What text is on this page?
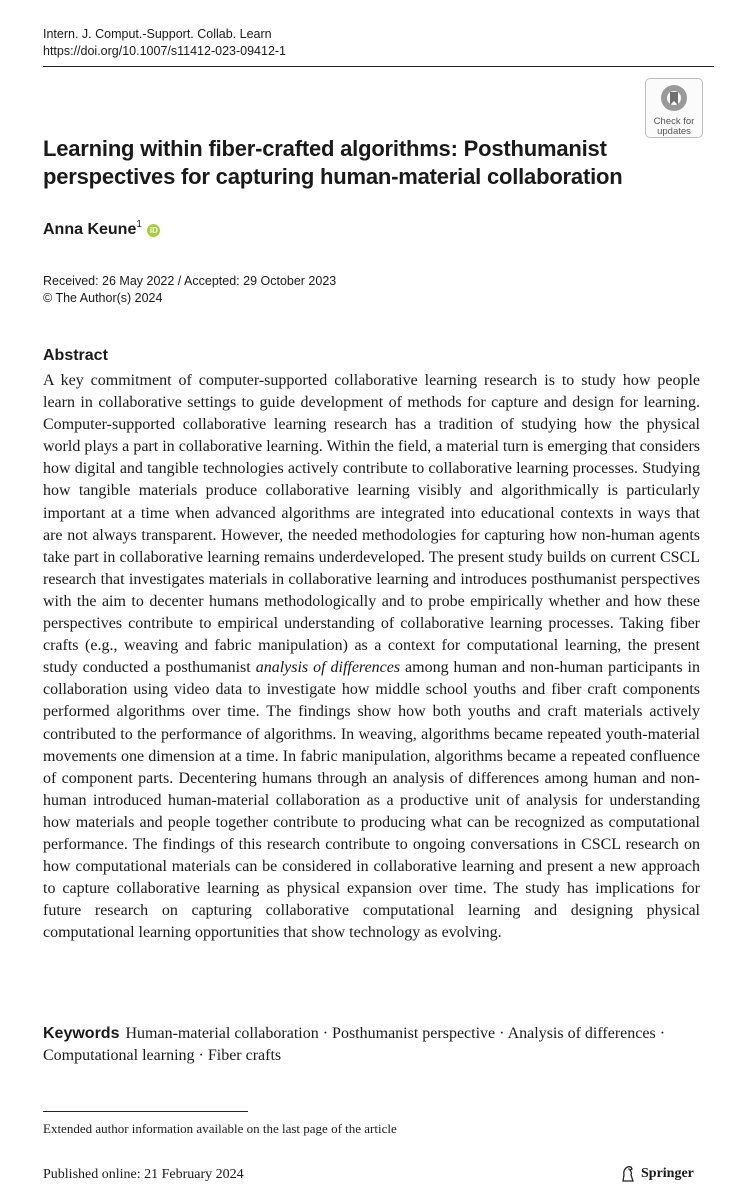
Intern. J. Comput.-Support. Collab. Learn
https://doi.org/10.1007/s11412-023-09412-1
Check for
updates
Learning within fiber-crafted algorithms: Posthumanist perspectives for capturing human-material collaboration
Anna Keune$^1$ iD
Received: 26 May 2022 / Accepted: 29 October 2023
© The Author(s) 2024
Abstract

A key commitment of computer-supported collaborative learning research is to study how people learn in collaborative settings to guide development of methods for capture and design for learning. Computer-supported collaborative learning research has a tradition of studying how the physical world plays a part in collaborative learning. Within the field, a material turn is emerging that considers how digital and tangible technologies actively contribute to collaborative learning processes. Studying how tangible materials produce collaborative learning visibly and algorithmically is particularly important at a time when advanced algorithms are integrated into educational contexts in ways that are not always transparent. However, the needed methodologies for capturing how non-human agents take part in collaborative learning remains underdeveloped. The present study builds on current CSCL research that investigates materials in collaborative learning and introduces posthumanist perspectives with the aim to decenter humans methodologically and to probe empirically whether and how these perspectives contribute to empirical understanding of collaborative learning processes. Taking fiber crafts (e.g., weaving and fabric manipulation) as a context for computational learning, the present study conducted a posthumanist analysis of differences among human and non-human participants in collaboration using video data to investigate how middle school youths and fiber craft components performed algorithms over time. The findings show how both youths and craft materials actively contributed to the performance of algorithms. In weaving, algorithms became repeated youth-material movements one dimension at a time. In fabric manipulation, algorithms became a repeated confluence of component parts. Decentering humans through an analysis of differences among human and non-human introduced human-material collaboration as a productive unit of analysis for understanding how materials and people together contribute to producing what can be recognized as computational performance. The findings of this research contribute to ongoing conversations in CSCL research on how computational materials can be considered in collaborative learning and present a new approach to capture collaborative learning as physical expansion over time. The study has implications for future research on capturing collaborative computational learning and designing physical computational learning opportunities that show technology as evolving.

Keywords Human-material collaboration · Posthumanist perspective · Analysis of differences · Computational learning · Fiber crafts
Extended author information available on the last page of the article
Published online: 21 February 2024	Springer
